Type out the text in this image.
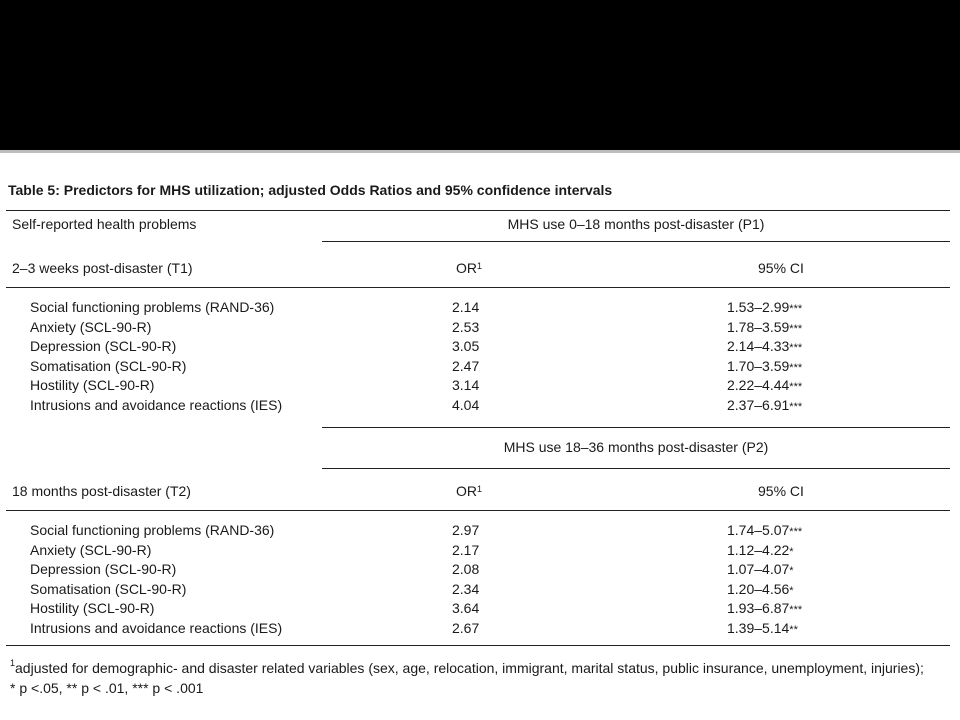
Table 5: Predictors for MHS utilization; adjusted Odds Ratios and 95% confidence intervals
Self-reported health problems	MHS use 0–18 months post-disaster (P1)
2–3 weeks post-disaster (T1)	$OR^1$	95% CI
Social functioning problems (RAND-36)	2.14	1.53–2.99***
Anxiety (SCL-90-R)	2.53	1.78–3.59***
Depression (SCL-90-R)	3.05	2.14–4.33***
Somatisation (SCL-90-R)	2.47	1.70–3.59***
Hostility (SCL-90-R)	3.14	2.22–4.44***
Intrusions and avoidance reactions (IES)	4.04	2.37–6.91***
MHS use 18–36 months post-disaster (P2)
18 months post-disaster (T2)	$OR^1$	95% CI
Social functioning problems (RAND-36)	2.97	1.74–5.07***
Anxiety (SCL-90-R)	2.17	1.12–4.22*
Depression (SCL-90-R)	2.08	1.07–4.07*
Somatisation (SCL-90-R)	2.34	1.20–4.56*
Hostility (SCL-90-R)	3.64	1.93–6.87***
Intrusions and avoidance reactions (IES)	2.67	1.39–5.14**
$^1$adjusted for demographic- and disaster related variables (sex, age, relocation, immigrant, marital status, public insurance, unemployment, injuries);
* p <.05, ** p < .01, *** p < .001
